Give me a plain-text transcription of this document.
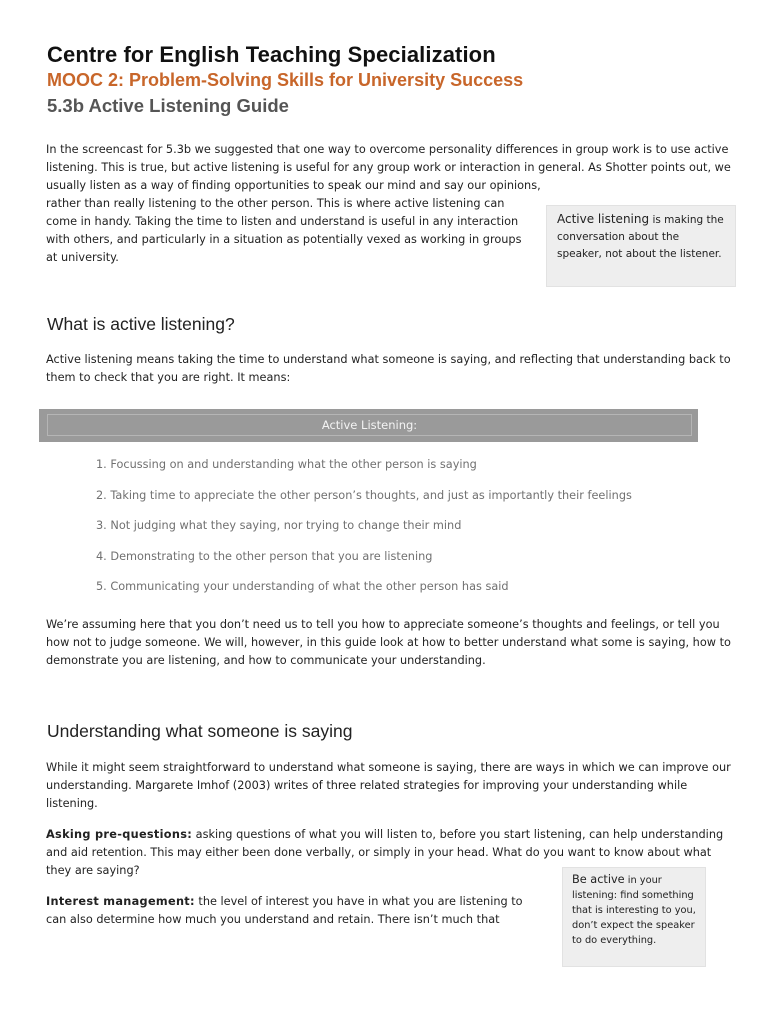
Centre for English Teaching Specialization
MOOC 2: Problem-Solving Skills for University Success
5.3b Active Listening Guide

In the screencast for 5.3b we suggested that one way to overcome personality differences in group work is to use active listening. This is true, but active listening is useful for any group work or interaction in general. As Shotter points out, we usually listen as a way of finding opportunities to speak our mind and say our opinions,

rather than really listening to the other person. This is where active listening can come in handy. Taking the time to listen and understand is useful in any interaction with others, and particularly in a situation as potentially vexed as working in groups at university.

Active listening is making the conversation about the speaker, not about the listener.
What is active listening?

Active listening means taking the time to understand what someone is saying, and reflecting that understanding back to them to check that you are right. It means:

Active Listening:
1. Focussing on and understanding what the other person is saying
2. Taking time to appreciate the other person’s thoughts, and just as importantly their feelings
3. Not judging what they saying, nor trying to change their mind
4. Demonstrating to the other person that you are listening
5. Communicating your understanding of what the other person has said

We’re assuming here that you don’t need us to tell you how to appreciate someone’s thoughts and feelings, or tell you how not to judge someone. We will, however, in this guide look at how to better understand what some is saying, how to demonstrate you are listening, and how to communicate your understanding.

Understanding what someone is saying

While it might seem straightforward to understand what someone is saying, there are ways in which we can improve our understanding. Margarete Imhof (2003) writes of three related strategies for improving your understanding while listening.

Asking pre-questions: asking questions of what you will listen to, before you start listening, can help understanding and aid retention. This may either been done verbally, or simply in your head. What do you want to know about what they are saying?

Interest management: the level of interest you have in what you are listening to can also determine how much you understand and retain. There isn’t much that

Be active in your listening: find something that is interesting to you, don’t expect the speaker to do everything.
